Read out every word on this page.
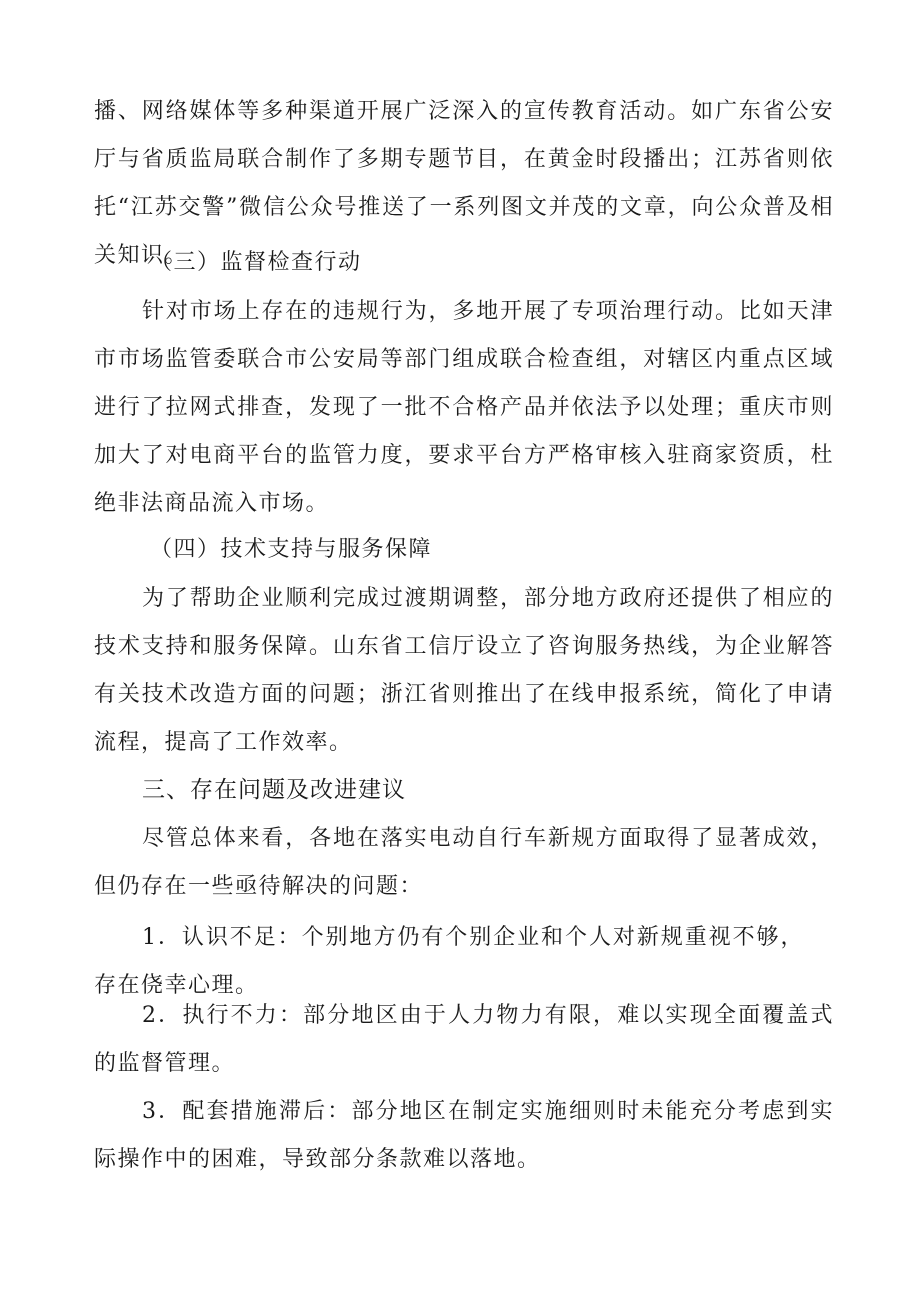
播、网络媒体等多种渠道开展广泛深入的宣传教育活动。如广东省公安厅与省质监局联合制作了多期专题节目，在黄金时段播出；江苏省则依托“江苏交警”微信公众号推送了一系列图文并茂的文章，向公众普及相关知识。

（三）监督检查行动

针对市场上存在的违规行为，多地开展了专项治理行动。比如天津市市场监管委联合市公安局等部门组成联合检查组，对辖区内重点区域进行了拉网式排查，发现了一批不合格产品并依法予以处理；重庆市则加大了对电商平台的监管力度，要求平台方严格审核入驻商家资质，杜绝非法商品流入市场。

（四）技术支持与服务保障

为了帮助企业顺利完成过渡期调整，部分地方政府还提供了相应的技术支持和服务保障。山东省工信厅设立了咨询服务热线，为企业解答有关技术改造方面的问题；浙江省则推出了在线申报系统，简化了申请流程，提高了工作效率。

三、存在问题及改进建议

尽管总体来看，各地在落实电动自行车新规方面取得了显著成效，但仍存在一些亟待解决的问题：

1．认识不足：个别地方仍有个别企业和个人对新规重视不够，存在侥幸心理。

2．执行不力：部分地区由于人力物力有限，难以实现全面覆盖式的监督管理。

3．配套措施滞后：部分地区在制定实施细则时未能充分考虑到实际操作中的困难，导致部分条款难以落地。
